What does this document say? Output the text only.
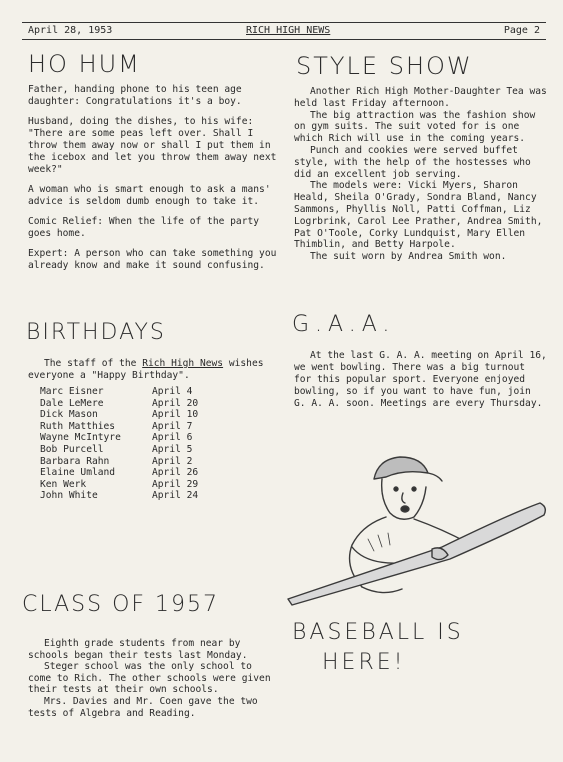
April 28, 1953	RICH HIGH NEWS	Page 2
HO HUM

Father, handing phone to his teen age daughter: Congratulations it's a boy.

Husband, doing the dishes, to his wife: "There are some peas left over. Shall I throw them away now or shall I put them in the icebox and let you throw them away next week?"

A woman who is smart enough to ask a mans' advice is seldom dumb enough to take it.

Comic Relief: When the life of the party goes home.

Expert: A person who can take something you already know and make it sound confusing.

BIRTHDAYS

The staff of the Rich High News wishes everyone a "Happy Birthday".

Marc Eisner	April 4
Dale LeMere	April 20
Dick Mason	April 10
Ruth Matthies	April 7
Wayne McIntyre	April 6
Bob Purcell	April 5
Barbara Rahn	April 2
Elaine Umland	April 26
Ken Werk	April 29
John White	April 24
CLASS OF 1957

Eighth grade students from near by schools began their tests last Monday.

Steger school was the only school to come to Rich. The other schools were given their tests at their own schools.

Mrs. Davies and Mr. Coen gave the two tests of Algebra and Reading.

STYLE SHOW

Another Rich High Mother-Daughter Tea was held last Friday afternoon.

The big attraction was the fashion show on gym suits. The suit voted for is one which Rich will use in the coming years.

Punch and cookies were served buffet style, with the help of the hostesses who did an excellent job serving.

The models were: Vicki Myers, Sharon Heald, Sheila O'Grady, Sondra Bland, Nancy Sammons, Phyllis Noll, Patti Coffman, Liz Logrbrink, Carol Lee Prather, Andrea Smith, Pat O'Toole, Corky Lundquist, Mary Ellen Thimblin, and Betty Harpole.

The suit worn by Andrea Smith won.

G.A.A.

At the last G. A. A. meeting on April 16, we went bowling. There was a big turnout for this popular sport. Everyone enjoyed bowling, so if you want to have fun, join G. A. A. soon. Meetings are every Thursday.

BASEBALL IS
HERE!
